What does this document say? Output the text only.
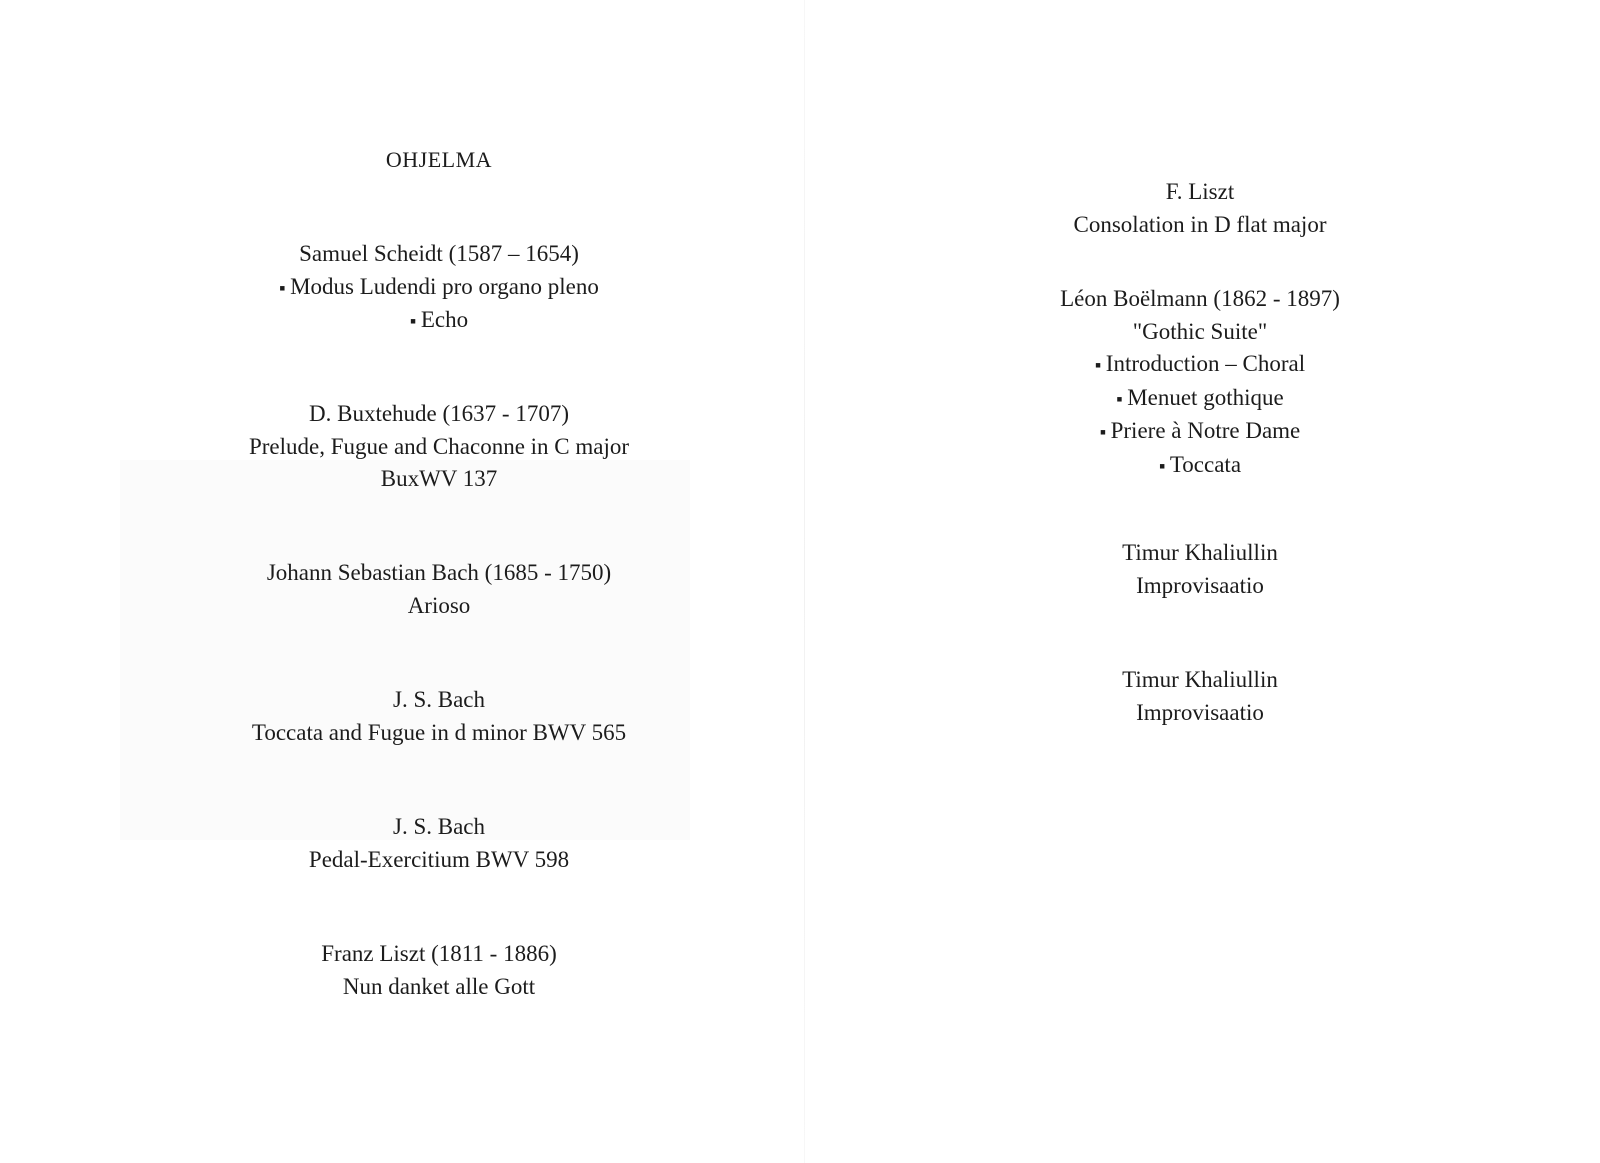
OHJELMA
Samuel Scheidt (1587 – 1654)
▪ Modus Ludendi pro organo pleno
▪ Echo
D. Buxtehude (1637 - 1707)
Prelude, Fugue and Chaconne in C major
BuxWV 137
Johann Sebastian Bach (1685 - 1750)
Arioso
J. S. Bach
Toccata and Fugue in d minor BWV 565
J. S. Bach
Pedal-Exercitium BWV 598
Franz Liszt (1811 - 1886)
Nun danket alle Gott
F. Liszt
Consolation in D flat major
Léon Boëlmann (1862 - 1897)
"Gothic Suite"
▪ Introduction – Choral
▪ Menuet gothique
▪ Priere à Notre Dame
▪ Toccata
Timur Khaliullin
Improvisaatio
Timur Khaliullin
Improvisaatio
